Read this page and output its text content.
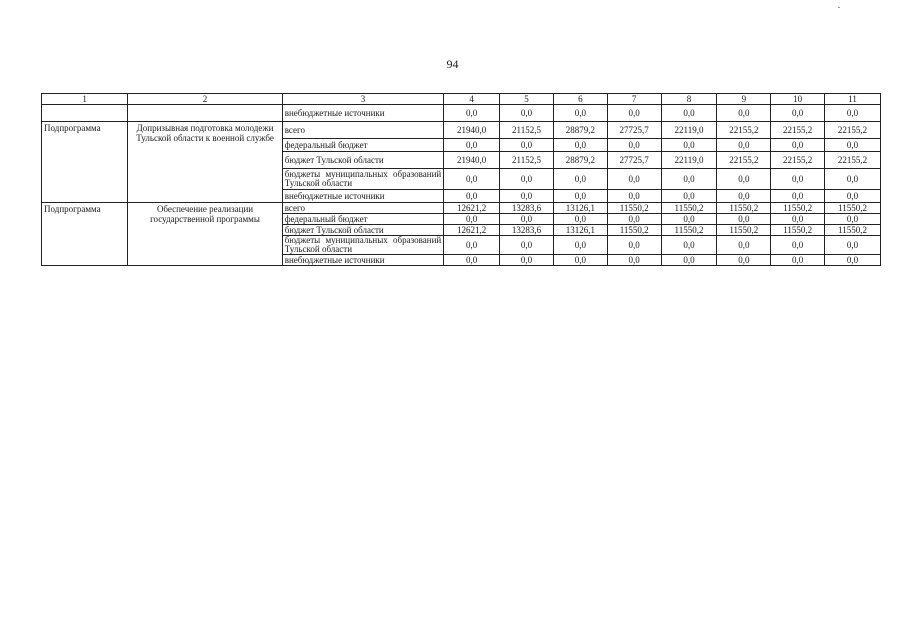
94
1	2	3	4	5	6	7	8	9	10	11
		внебюджетные источники	0,0	0,0	0,0	0,0	0,0	0,0	0,0	0,0
Подпрограмма	Допризывная подготовка молодежи Тульской области к военной службе	всего	21940,0	21152,5	28879,2	27725,7	22119,0	22155,2	22155,2	22155,2
		федеральный бюджет	0,0	0,0	0,0	0,0	0,0	0,0	0,0	0,0
		бюджет Тульской области	21940,0	21152,5	28879,2	27725,7	22119,0	22155,2	22155,2	22155,2
		бюджеты муниципальных образований Тульской области	0,0	0,0	0,0	0,0	0,0	0,0	0,0	0,0
		внебюджетные источники	0,0	0,0	0,0	0,0	0,0	0,0	0,0	0,0
Подпрограмма	Обеспечение реализации государственной программы	всего	12621,2	13283,6	13126,1	11550,2	11550,2	11550,2	11550,2	11550,2
		федеральный бюджет	0,0	0,0	0,0	0,0	0,0	0,0	0,0	0,0
		бюджет Тульской области	12621,2	13283,6	13126,1	11550,2	11550,2	11550,2	11550,2	11550,2
		бюджеты муниципальных образований Тульской области	0,0	0,0	0,0	0,0	0,0	0,0	0,0	0,0
		внебюджетные источники	0,0	0,0	0,0	0,0	0,0	0,0	0,0	0,0
